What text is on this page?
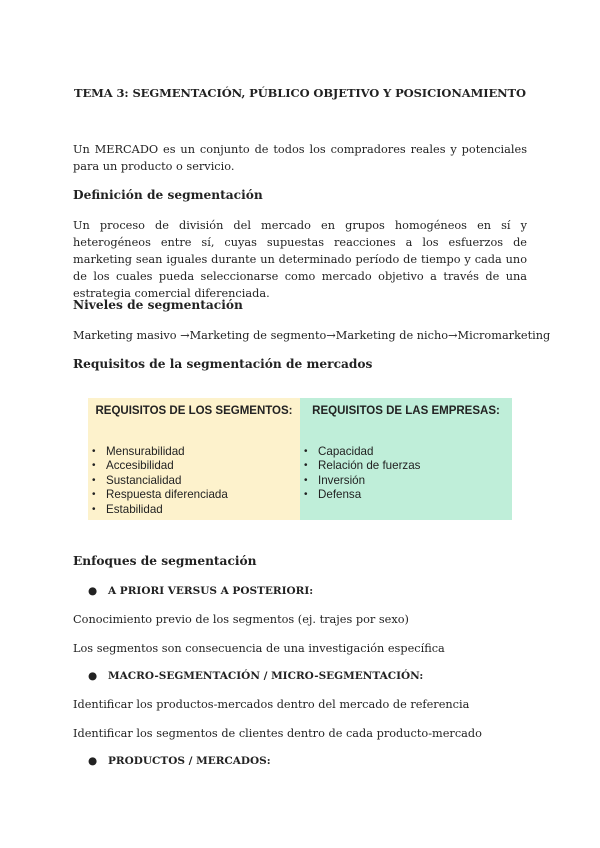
TEMA 3: SEGMENTACIÓN, PÚBLICO OBJETIVO Y POSICIONAMIENTO
Un MERCADO es un conjunto de todos los compradores reales y potenciales para un producto o servicio.
Definición de segmentación
Un proceso de división del mercado en grupos homogéneos en sí y heterogéneos entre sí, cuyas supuestas reacciones a los esfuerzos de marketing sean iguales durante un determinado período de tiempo y cada uno de los cuales pueda seleccionarse como mercado objetivo a través de una estrategia comercial diferenciada.
Niveles de segmentación
Marketing masivo →Marketing de segmento→Marketing de nicho→Micromarketing
Requisitos de la segmentación de mercados
REQUISITOS DE LOS SEGMENTOS:
• Mensurabilidad
• Accesibilidad
• Sustancialidad
• Respuesta diferenciada
• Estabilidad
REQUISITOS DE LAS EMPRESAS:
• Capacidad
• Relación de fuerzas
• Inversión
• Defensa
Enfoques de segmentación
● A PRIORI VERSUS A POSTERIORI:
Conocimiento previo de los segmentos (ej. trajes por sexo)
Los segmentos son consecuencia de una investigación específica
● MACRO-SEGMENTACIÓN / MICRO-SEGMENTACIÓN:
Identificar los productos-mercados dentro del mercado de referencia
Identificar los segmentos de clientes dentro de cada producto-mercado
● PRODUCTOS / MERCADOS:
